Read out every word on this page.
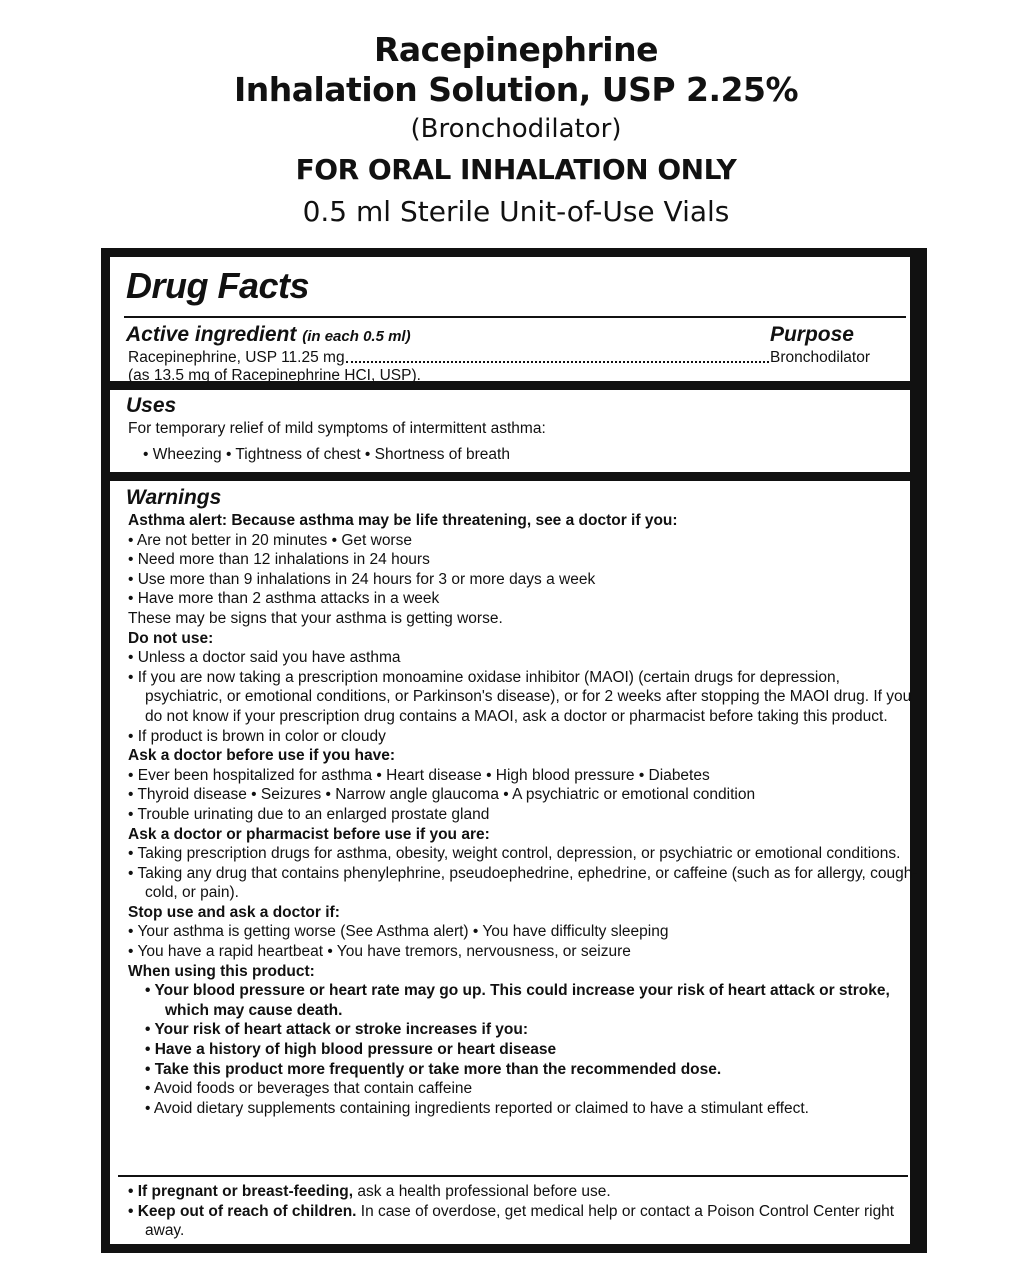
Racepinephrine
Inhalation Solution, USP 2.25%
(Bronchodilator)
FOR ORAL INHALATION ONLY
0.5 ml Sterile Unit-of-Use Vials
Drug Facts
Active ingredient (in each 0.5 ml)	Purpose
Racepinephrine, USP 11.25 mg	Bronchodilator
(as 13.5 mg of Racepinephrine HCI, USP).
Uses
For temporary relief of mild symptoms of intermittent asthma:
• Wheezing • Tightness of chest • Shortness of breath
Warnings
Asthma alert: Because asthma may be life threatening, see a doctor if you:
• Are not better in 20 minutes • Get worse
• Need more than 12 inhalations in 24 hours
• Use more than 9 inhalations in 24 hours for 3 or more days a week
• Have more than 2 asthma attacks in a week
These may be signs that your asthma is getting worse.
Do not use:
• Unless a doctor said you have asthma
• If you are now taking a prescription monoamine oxidase inhibitor (MAOI) (certain drugs for depression, psychiatric, or emotional conditions, or Parkinson's disease), or for 2 weeks after stopping the MAOI drug. If you do not know if your prescription drug contains a MAOI, ask a doctor or pharmacist before taking this product.
• If product is brown in color or cloudy
Ask a doctor before use if you have:
• Ever been hospitalized for asthma • Heart disease • High blood pressure • Diabetes
• Thyroid disease • Seizures • Narrow angle glaucoma • A psychiatric or emotional condition
• Trouble urinating due to an enlarged prostate gland
Ask a doctor or pharmacist before use if you are:
• Taking prescription drugs for asthma, obesity, weight control, depression, or psychiatric or emotional conditions.
• Taking any drug that contains phenylephrine, pseudoephedrine, ephedrine, or caffeine (such as for allergy, cough-cold, or pain).
Stop use and ask a doctor if:
• Your asthma is getting worse (See Asthma alert) • You have difficulty sleeping
• You have a rapid heartbeat • You have tremors, nervousness, or seizure
When using this product:
• Your blood pressure or heart rate may go up. This could increase your risk of heart attack or stroke, which may cause death.
• Your risk of heart attack or stroke increases if you:
• Have a history of high blood pressure or heart disease
• Take this product more frequently or take more than the recommended dose.
• Avoid foods or beverages that contain caffeine
• Avoid dietary supplements containing ingredients reported or claimed to have a stimulant effect.
• If pregnant or breast-feeding, ask a health professional before use.
• Keep out of reach of children. In case of overdose, get medical help or contact a Poison Control Center right away.
